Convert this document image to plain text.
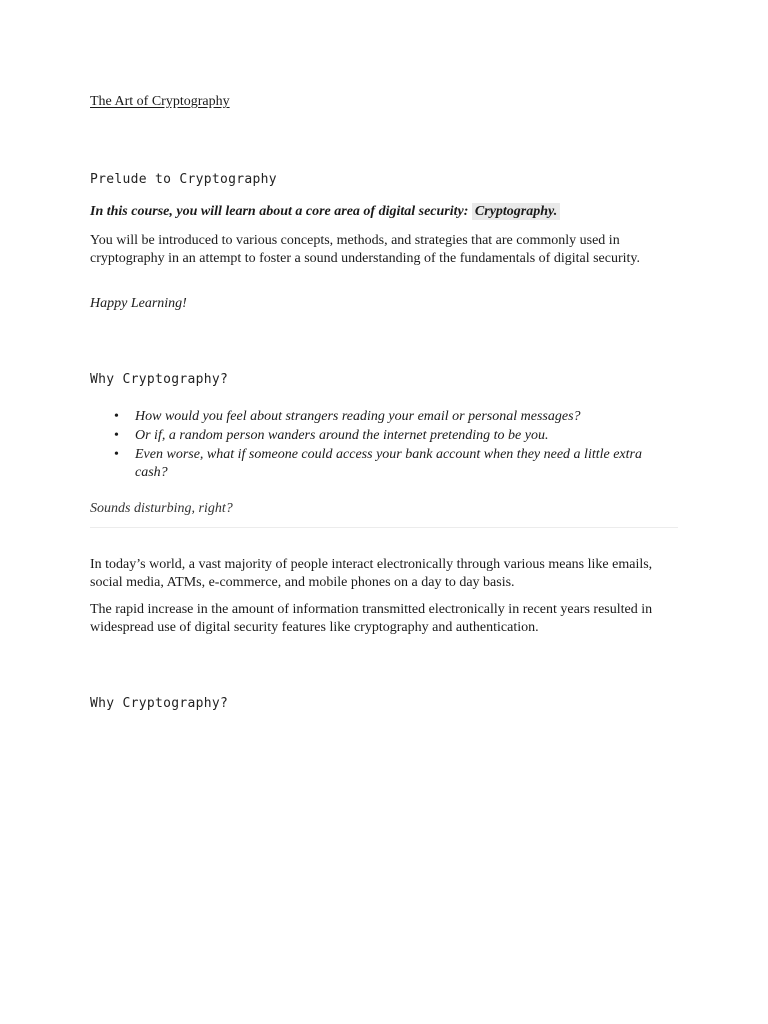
The Art of Cryptography
Prelude to Cryptography
In this course, you will learn about a core area of digital security: Cryptography.

You will be introduced to various concepts, methods, and strategies that are commonly used in cryptography in an attempt to foster a sound understanding of the fundamentals of digital security.

Happy Learning!

Why Cryptography?
• How would you feel about strangers reading your email or personal messages?
• Or if, a random person wanders around the internet pretending to be you.
• Even worse, what if someone could access your bank account when they need a little extra cash?

Sounds disturbing, right?

In today’s world, a vast majority of people interact electronically through various means like emails, social media, ATMs, e-commerce, and mobile phones on a day to day basis.

The rapid increase in the amount of information transmitted electronically in recent years resulted in widespread use of digital security features like cryptography and authentication.

Why Cryptography?
